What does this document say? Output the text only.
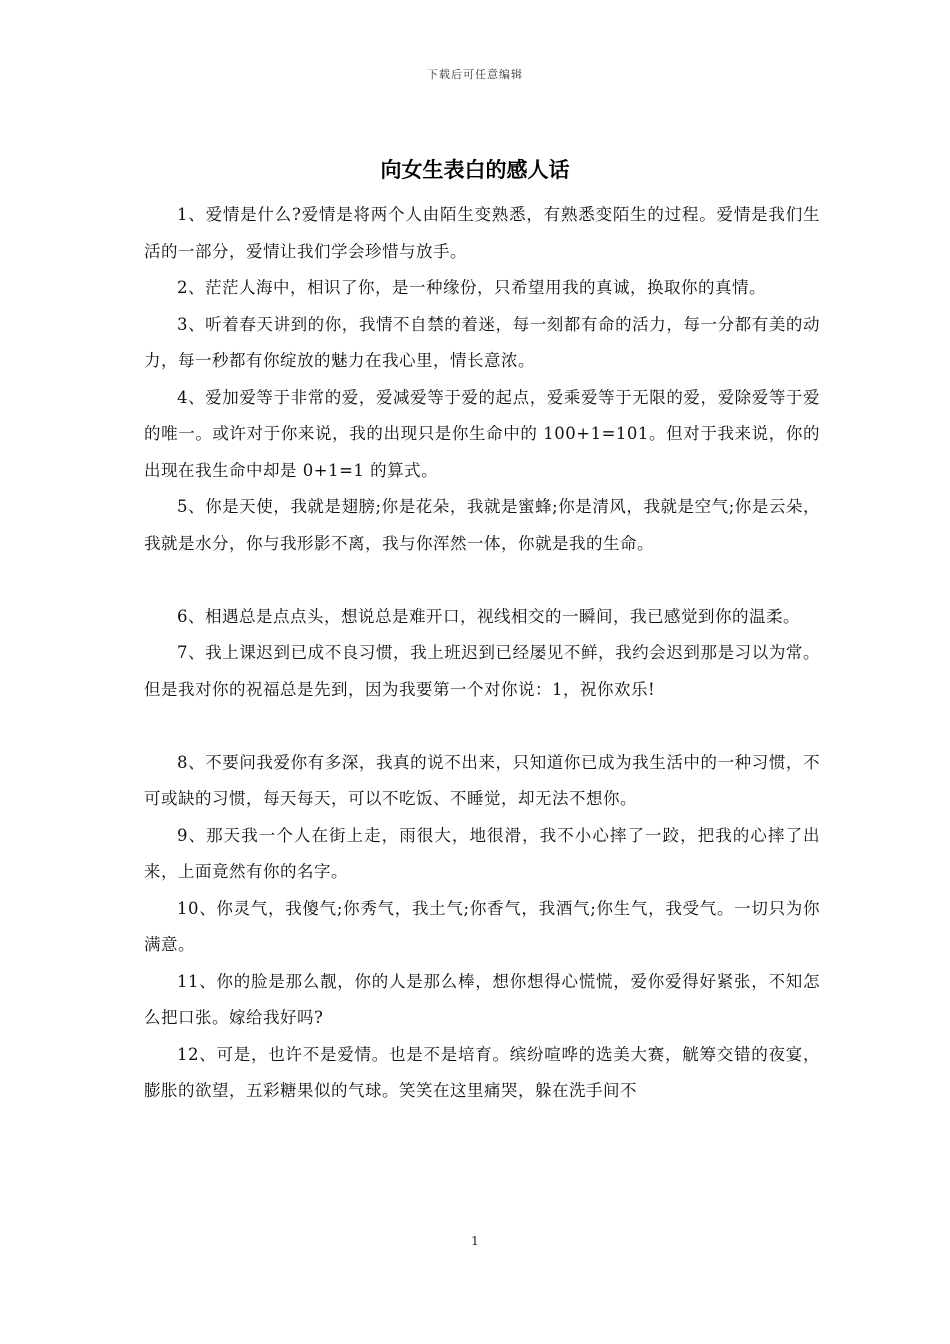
下载后可任意编辑
向女生表白的感人话

1、爱情是什么?爱情是将两个人由陌生变熟悉，有熟悉变陌生的过程。爱情是我们生活的一部分，爱情让我们学会珍惜与放手。

2、茫茫人海中，相识了你，是一种缘份，只希望用我的真诚，换取你的真情。

3、听着春天讲到的你，我情不自禁的着迷，每一刻都有命的活力，每一分都有美的动力，每一秒都有你绽放的魅力在我心里，情长意浓。

4、爱加爱等于非常的爱，爱减爱等于爱的起点，爱乘爱等于无限的爱，爱除爱等于爱的唯一。或许对于你来说，我的出现只是你生命中的 100+1=101。但对于我来说，你的出现在我生命中却是 0+1=1 的算式。

5、你是天使，我就是翅膀;你是花朵，我就是蜜蜂;你是清风，我就是空气;你是云朵，我就是水分，你与我形影不离，我与你浑然一体，你就是我的生命。

6、相遇总是点点头，想说总是难开口，视线相交的一瞬间，我已感觉到你的温柔。

7、我上课迟到已成不良习惯，我上班迟到已经屡见不鲜，我约会迟到那是习以为常。但是我对你的祝福总是先到，因为我要第一个对你说：1，祝你欢乐!

8、不要问我爱你有多深，我真的说不出来，只知道你已成为我生活中的一种习惯，不可或缺的习惯，每天每天，可以不吃饭、不睡觉，却无法不想你。

9、那天我一个人在街上走，雨很大，地很滑，我不小心摔了一跤，把我的心摔了出来，上面竟然有你的名字。

10、你灵气，我傻气;你秀气，我土气;你香气，我酒气;你生气，我受气。一切只为你满意。

11、你的脸是那么靓，你的人是那么棒，想你想得心慌慌，爱你爱得好紧张，不知怎么把口张。嫁给我好吗?

12、可是，也许不是爱情。也是不是培育。缤纷喧哗的选美大赛，觥筹交错的夜宴，膨胀的欲望，五彩糖果似的气球。笑笑在这里痛哭，躲在洗手间不

1
